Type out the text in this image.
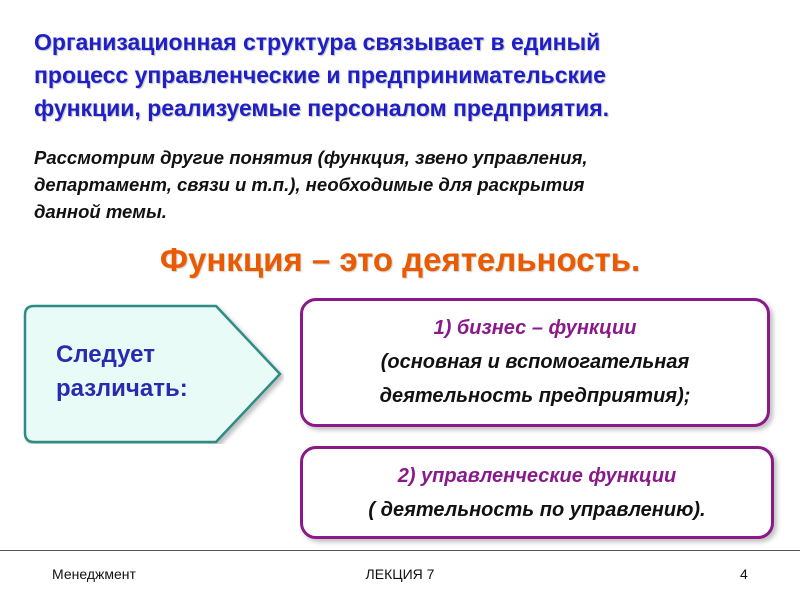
Организационная структура связывает в единый
процесс управленческие и предпринимательские
функции, реализуемые персоналом предприятия.
Рассмотрим другие понятия (функция, звено управления,
департамент, связи и т.п.), необходимые для раскрытия
данной темы.
Функция – это деятельность.
Следует
различать:
1) бизнес – функции
(основная и вспомогательная
деятельность предприятия);
2) управленческие функции
( деятельность по управлению).
Менеджмент	ЛЕКЦИЯ 7	4
